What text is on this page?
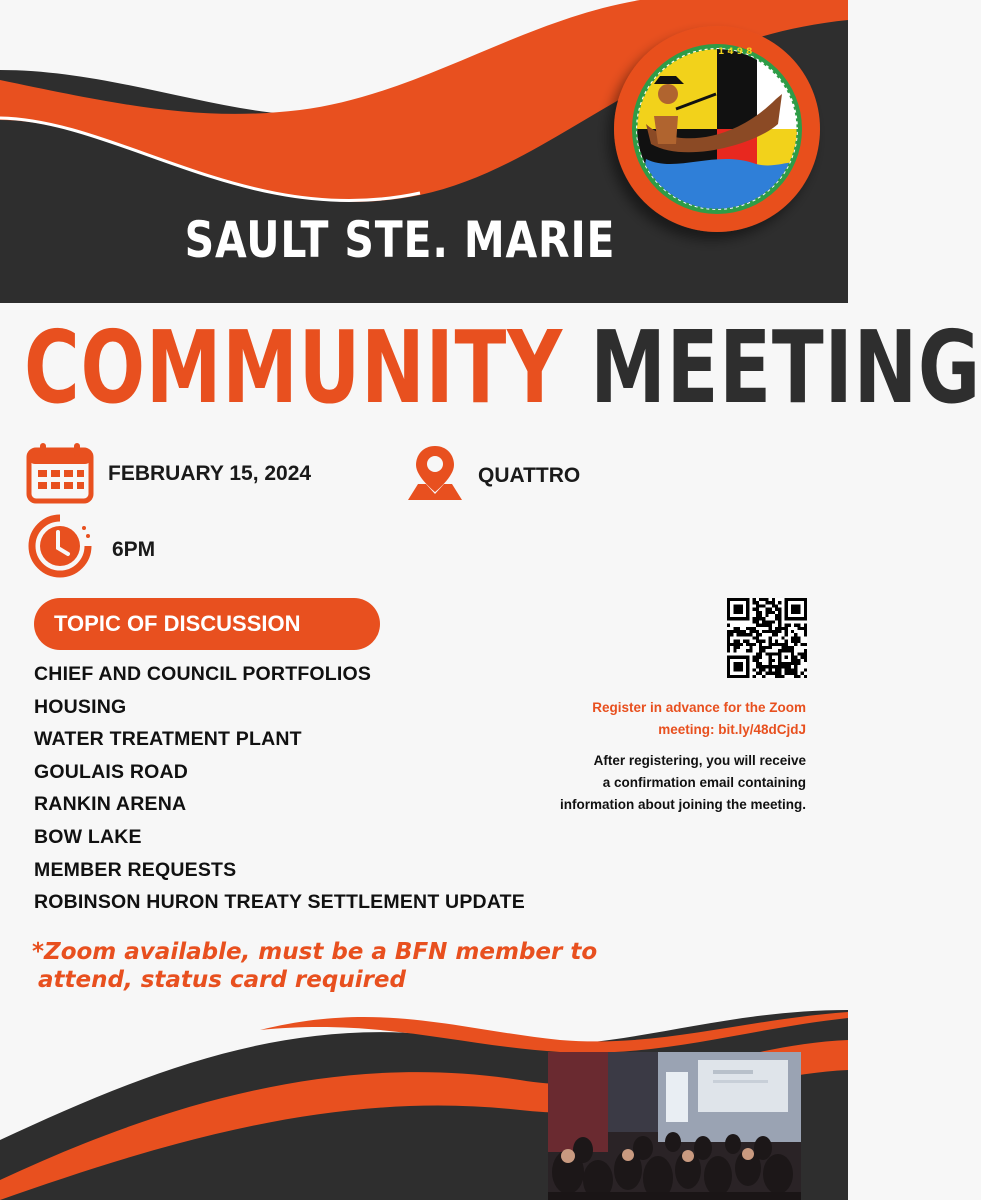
1 4 9 8
SAULT STE. MARIE
COMMUNITY MEETING
FEBRUARY 15, 2024	QUATTRO
6PM
TOPIC OF DISCUSSION
CHIEF AND COUNCIL PORTFOLIOS
HOUSING
WATER TREATMENT PLANT
GOULAIS ROAD
RANKIN ARENA
BOW LAKE
MEMBER REQUESTS
ROBINSON HURON TREATY SETTLEMENT UPDATE
Register in advance for the Zoom
meeting: bit.ly/48dCjdJ
After registering, you will receive
a confirmation email containing
information about joining the meeting.
*Zoom available, must be a BFN member to
attend, status card required
